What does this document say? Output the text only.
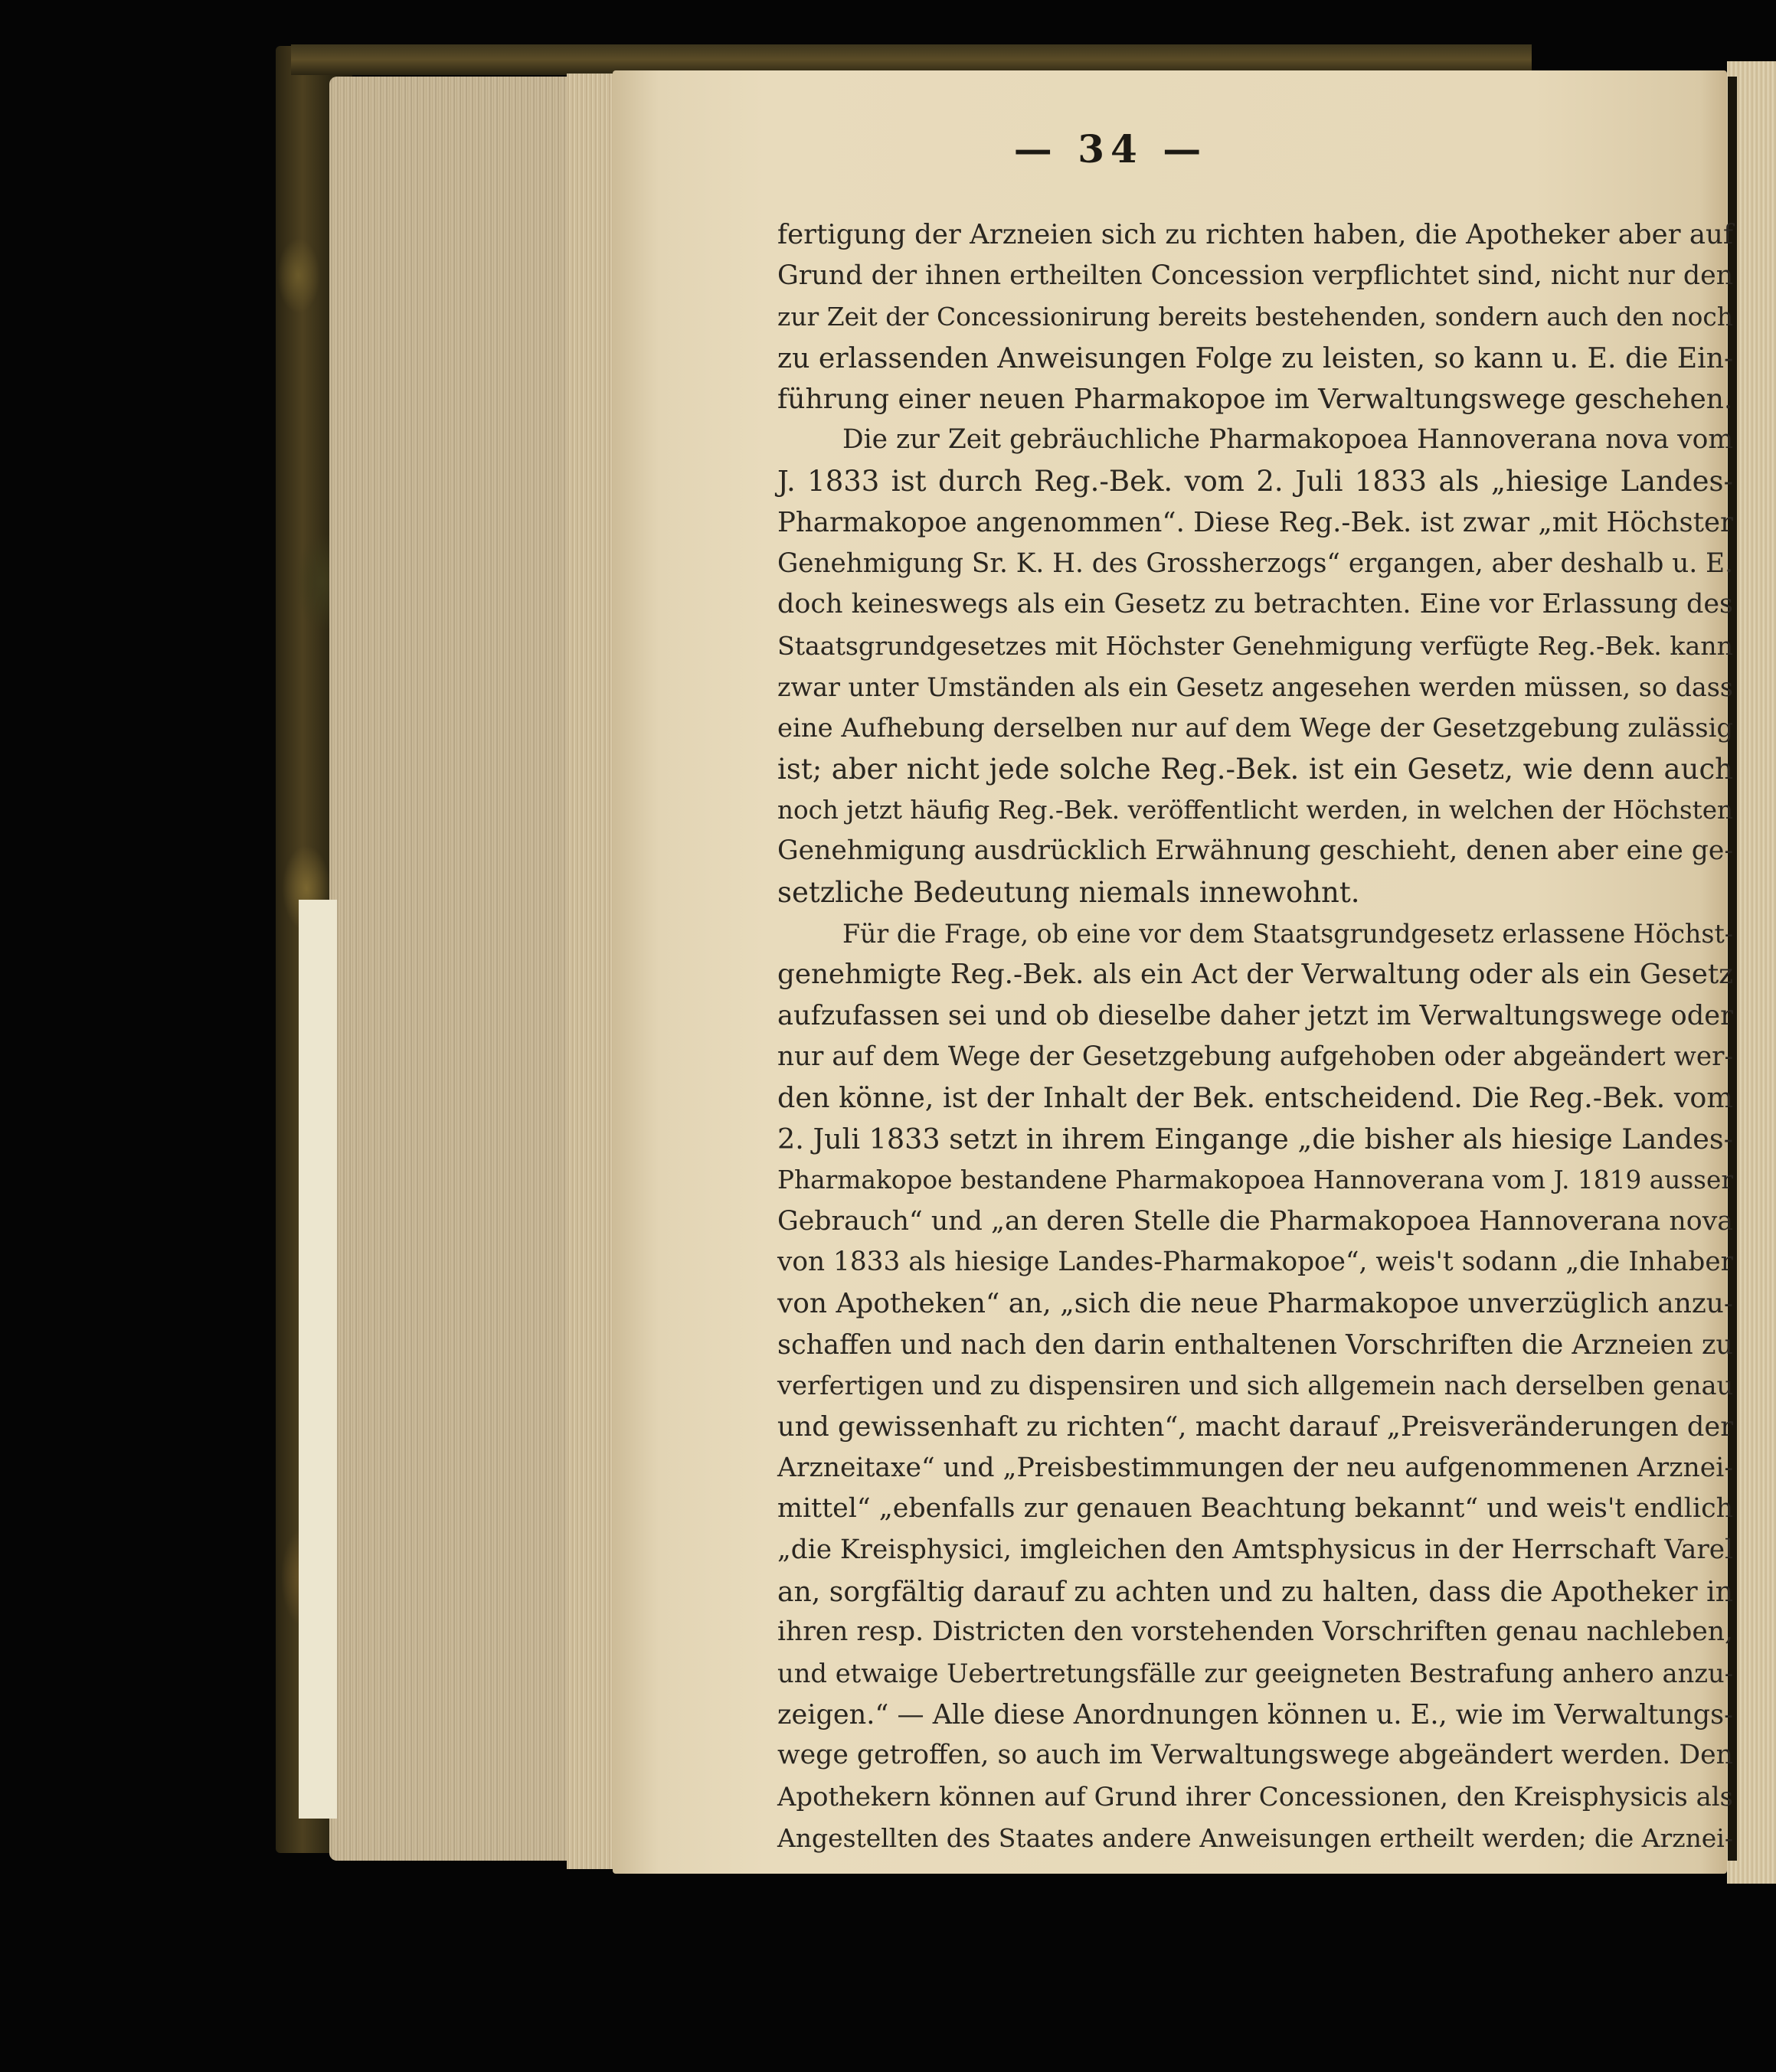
— 34 —
fertigung der Arzneien sich zu richten haben, die Apotheker aber auf
Grund der ihnen ertheilten Concession verpflichtet sind, nicht nur den
zur Zeit der Concessionirung bereits bestehenden, sondern auch den noch
zu erlassenden Anweisungen Folge zu leisten, so kann u. E. die Ein-
führung einer neuen Pharmakopoe im Verwaltungswege geschehen.
Die zur Zeit gebräuchliche Pharmakopoea Hannoverana nova vom
J. 1833 ist durch Reg.-Bek. vom 2. Juli 1833 als „hiesige Landes-
Pharmakopoe angenommen“. Diese Reg.-Bek. ist zwar „mit Höchster
Genehmigung Sr. K. H. des Grossherzogs“ ergangen, aber deshalb u. E.
doch keineswegs als ein Gesetz zu betrachten. Eine vor Erlassung des
Staatsgrundgesetzes mit Höchster Genehmigung verfügte Reg.-Bek. kann
zwar unter Umständen als ein Gesetz angesehen werden müssen, so dass
eine Aufhebung derselben nur auf dem Wege der Gesetzgebung zulässig
ist; aber nicht jede solche Reg.-Bek. ist ein Gesetz, wie denn auch
noch jetzt häufig Reg.-Bek. veröffentlicht werden, in welchen der Höchsten
Genehmigung ausdrücklich Erwähnung geschieht, denen aber eine ge-
setzliche Bedeutung niemals innewohnt.
Für die Frage, ob eine vor dem Staatsgrundgesetz erlassene Höchst-
genehmigte Reg.-Bek. als ein Act der Verwaltung oder als ein Gesetz
aufzufassen sei und ob dieselbe daher jetzt im Verwaltungswege oder
nur auf dem Wege der Gesetzgebung aufgehoben oder abgeändert wer-
den könne, ist der Inhalt der Bek. entscheidend. Die Reg.-Bek. vom
2. Juli 1833 setzt in ihrem Eingange „die bisher als hiesige Landes-
Pharmakopoe bestandene Pharmakopoea Hannoverana vom J. 1819 ausser
Gebrauch“ und „an deren Stelle die Pharmakopoea Hannoverana nova
von 1833 als hiesige Landes-Pharmakopoe“, weis't sodann „die Inhaber
von Apotheken“ an, „sich die neue Pharmakopoe unverzüglich anzu-
schaffen und nach den darin enthaltenen Vorschriften die Arzneien zu
verfertigen und zu dispensiren und sich allgemein nach derselben genau
und gewissenhaft zu richten“, macht darauf „Preisveränderungen der
Arzneitaxe“ und „Preisbestimmungen der neu aufgenommenen Arznei-
mittel“ „ebenfalls zur genauen Beachtung bekannt“ und weis't endlich
„die Kreisphysici, imgleichen den Amtsphysicus in der Herrschaft Varel
an, sorgfältig darauf zu achten und zu halten, dass die Apotheker in
ihren resp. Districten den vorstehenden Vorschriften genau nachleben,
und etwaige Uebertretungsfälle zur geeigneten Bestrafung anhero anzu-
zeigen.“ — Alle diese Anordnungen können u. E., wie im Verwaltungs-
wege getroffen, so auch im Verwaltungswege abgeändert werden. Den
Apothekern können auf Grund ihrer Concessionen, den Kreisphysicis als
Angestellten des Staates andere Anweisungen ertheilt werden; die Arznei-
